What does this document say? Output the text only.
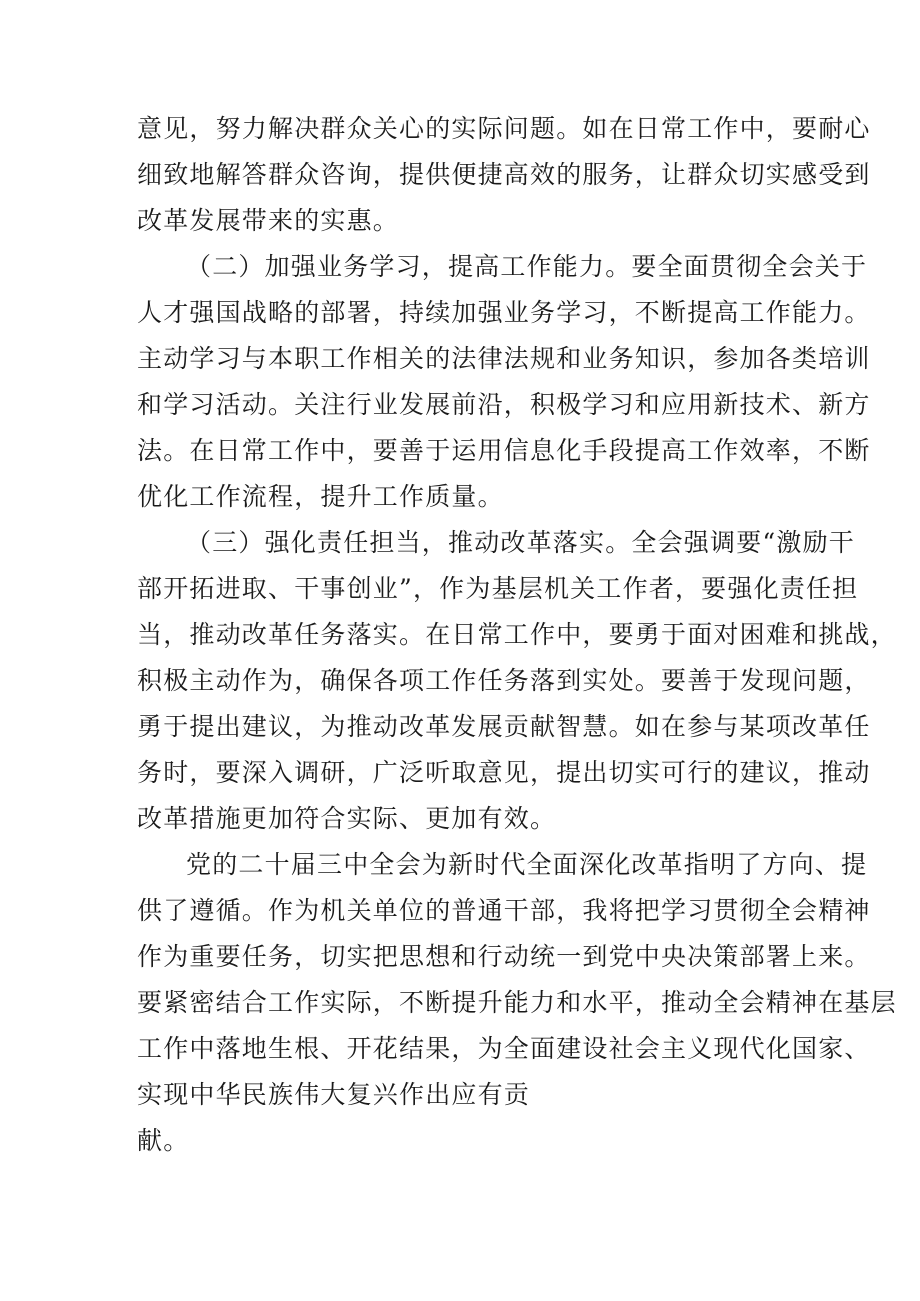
意见，努力解决群众关心的实际问题。如在日常工作中，要耐心
细致地解答群众咨询，提供便捷高效的服务，让群众切实感受到
改革发展带来的实惠。
（二）加强业务学习，提高工作能力。要全面贯彻全会关于
人才强国战略的部署，持续加强业务学习，不断提高工作能力。
主动学习与本职工作相关的法律法规和业务知识，参加各类培训
和学习活动。关注行业发展前沿，积极学习和应用新技术、新方
法。在日常工作中，要善于运用信息化手段提高工作效率，不断
优化工作流程，提升工作质量。
（三）强化责任担当，推动改革落实。全会强调要“激励干
部开拓进取、干事创业”，作为基层机关工作者，要强化责任担
当，推动改革任务落实。在日常工作中，要勇于面对困难和挑战，
积极主动作为，确保各项工作任务落到实处。要善于发现问题，
勇于提出建议，为推动改革发展贡献智慧。如在参与某项改革任
务时，要深入调研，广泛听取意见，提出切实可行的建议，推动
改革措施更加符合实际、更加有效。
党的二十届三中全会为新时代全面深化改革指明了方向、提
供了遵循。作为机关单位的普通干部，我将把学习贯彻全会精神
作为重要任务，切实把思想和行动统一到党中央决策部署上来。
要紧密结合工作实际，不断提升能力和水平，推动全会精神在基层
工作中落地生根、开花结果，为全面建设社会主义现代化国家、
实现中华民族伟大复兴作出应有贡
献。
